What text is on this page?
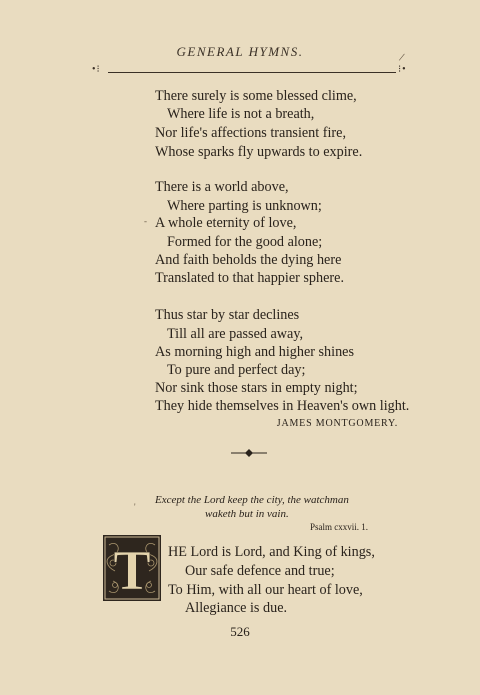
GENERAL HYMNS.	/
•⁝	⁝•
There surely is some blessed clime,
Where life is not a breath,
Nor life's affections transient fire,
Whose sparks fly upwards to expire.
There is a world above,
Where parting is unknown;
- A whole eternity of love,
Formed for the good alone;
And faith beholds the dying here
Translated to that happier sphere.
Thus star by star declines
Till all are passed away,
As morning high and higher shines
To pure and perfect day;
Nor sink those stars in empty night;
They hide themselves in Heaven's own light.
JAMES MONTGOMERY.
Except the Lord keep the city, the watchman
'
waketh but in vain.
Psalm cxxvii. 1.
T HE Lord is Lord, and King of kings,
Our safe defence and true;
To Him, with all our heart of love,
Allegiance is due.
526
